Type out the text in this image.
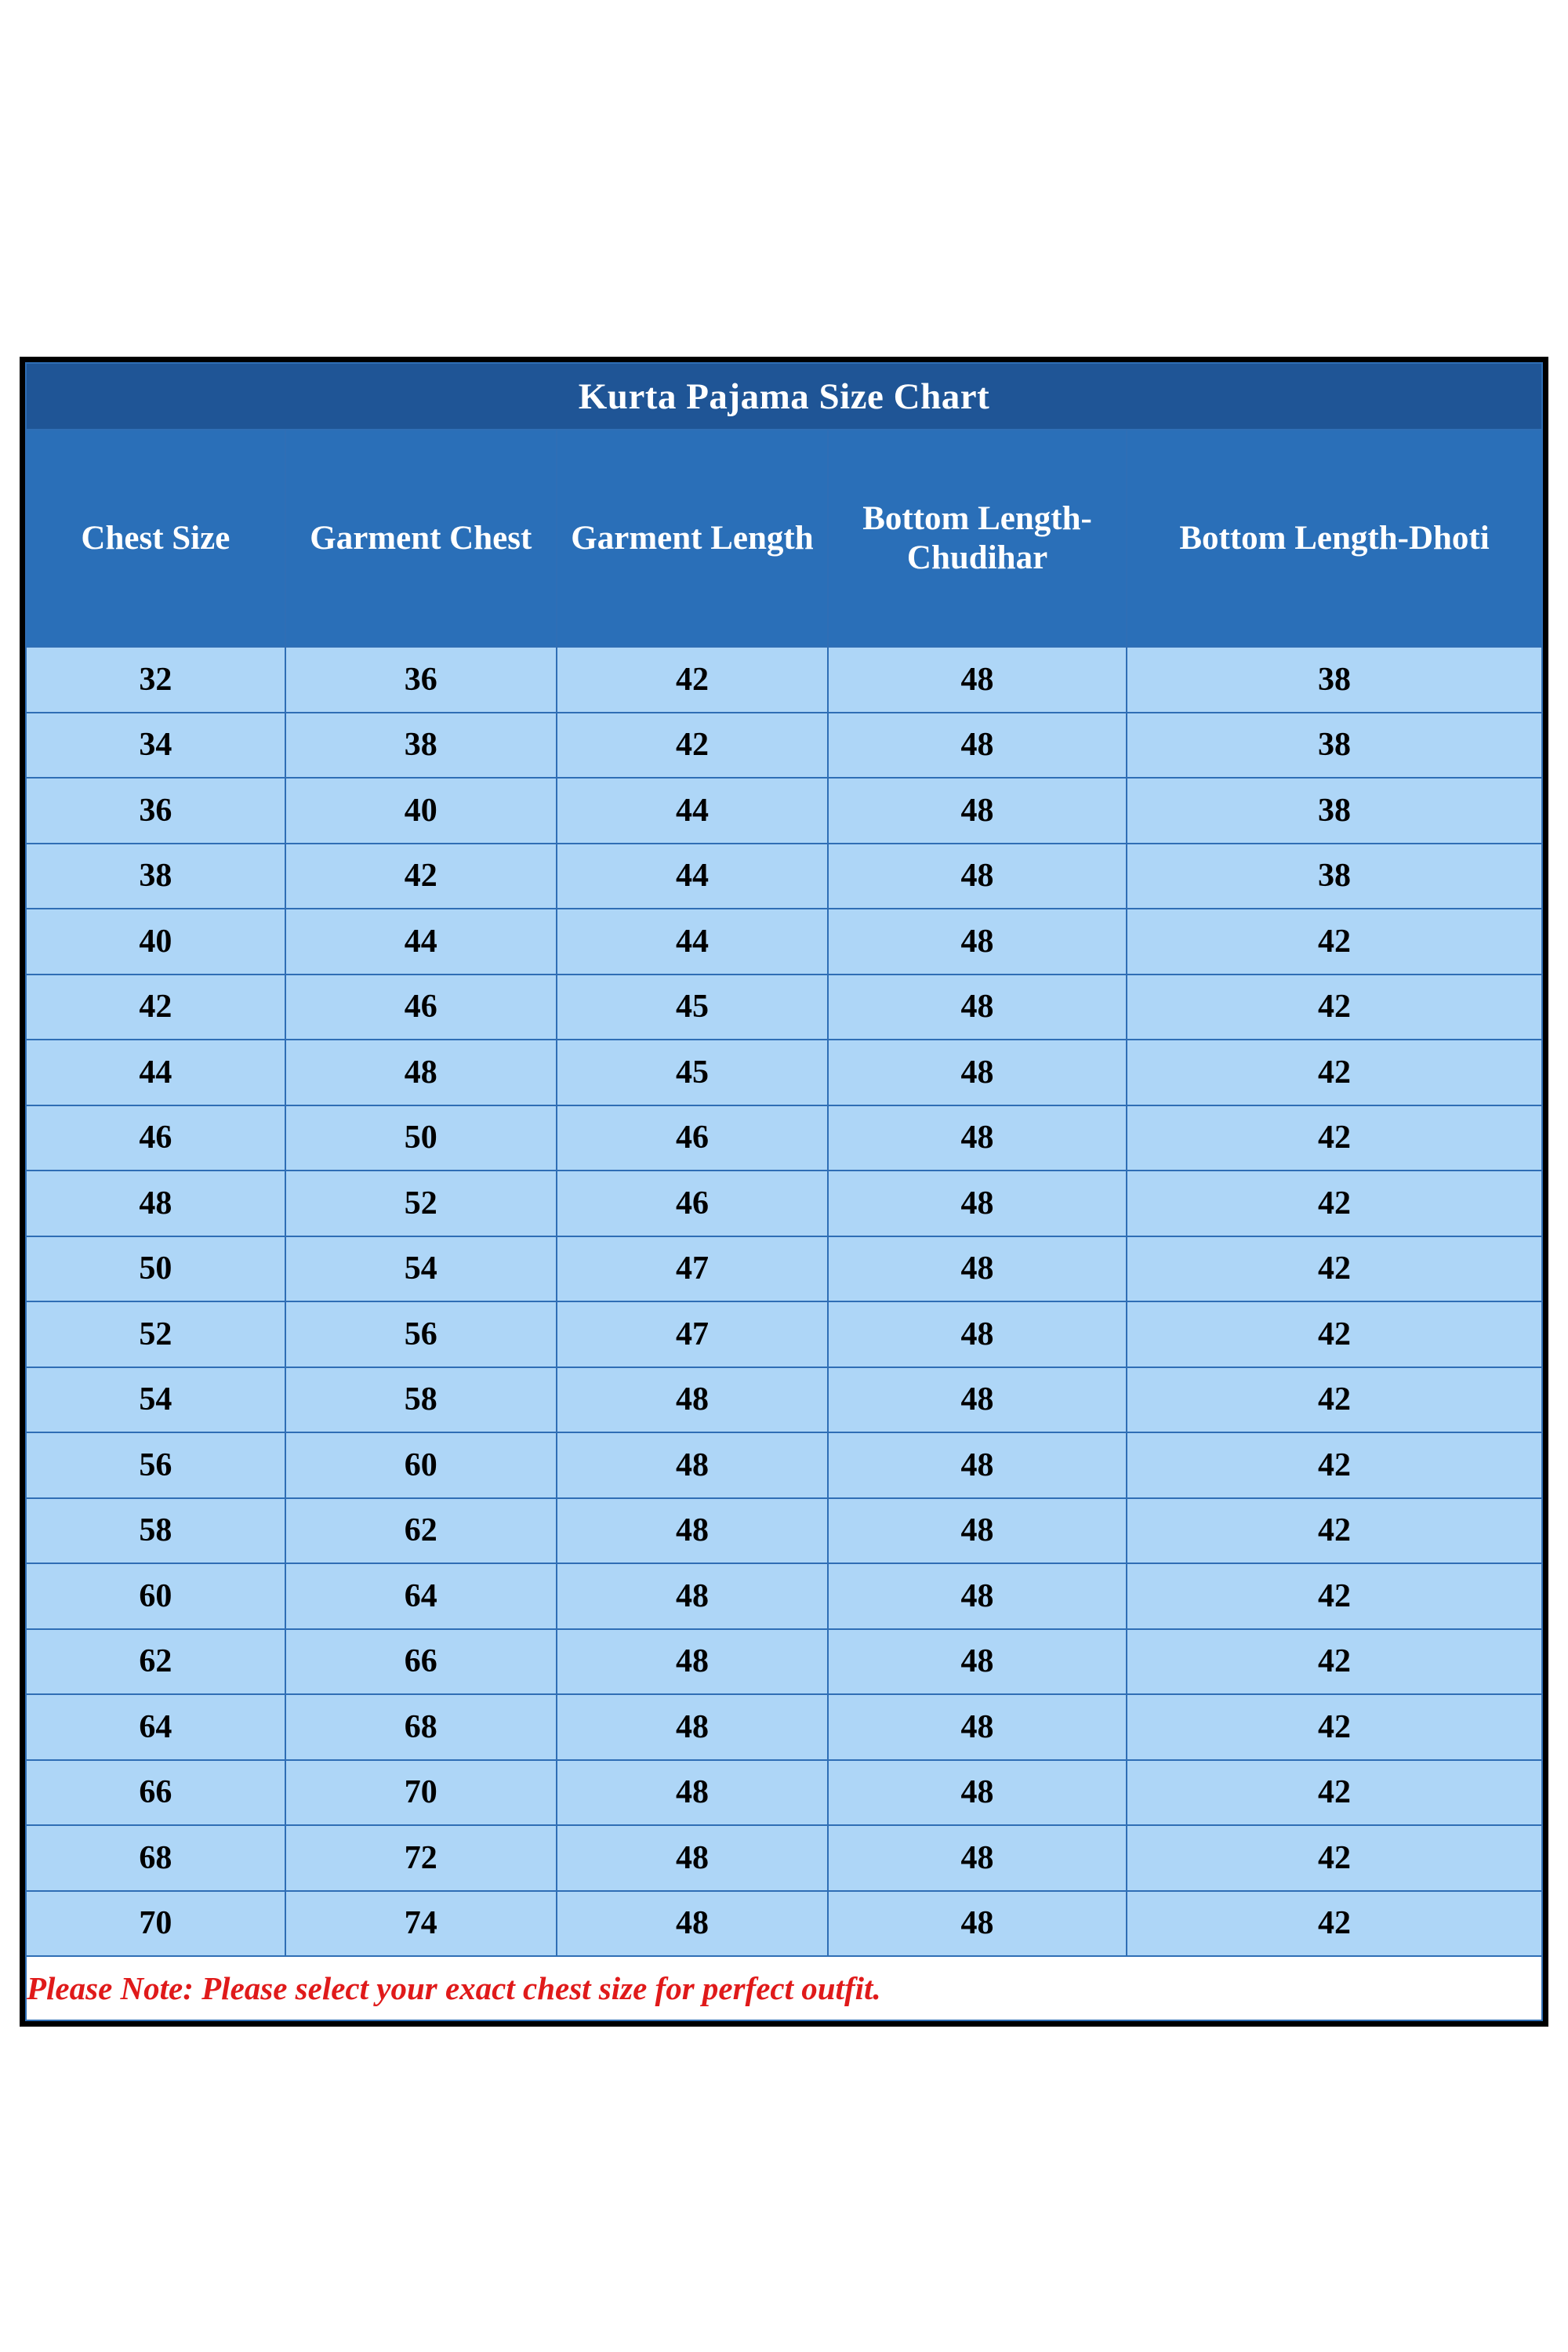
Kurta Pajama Size Chart				
Chest Size	Garment Chest	Garment Length	Bottom Length-Chudihar	Bottom Length-Dhoti
32	36	42	48	38
34	38	42	48	38
36	40	44	48	38
38	42	44	48	38
40	44	44	48	42
42	46	45	48	42
44	48	45	48	42
46	50	46	48	42
48	52	46	48	42
50	54	47	48	42
52	56	47	48	42
54	58	48	48	42
56	60	48	48	42
58	62	48	48	42
60	64	48	48	42
62	66	48	48	42
64	68	48	48	42
66	70	48	48	42
68	72	48	48	42
70	74	48	48	42

Please Note: Please select your exact chest size for perfect outfit.				
